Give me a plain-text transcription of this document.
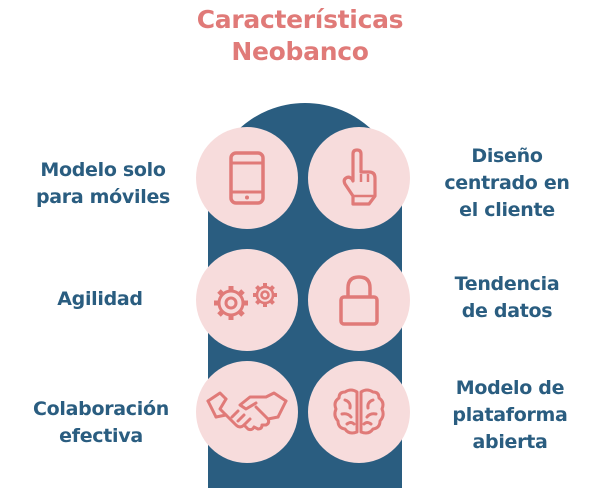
Características
Neobanco
Modelo solo
para móviles
Diseño
centrado en
el cliente
Agilidad
Tendencia
de datos
Colaboración
efectiva
Modelo de
plataforma
abierta
